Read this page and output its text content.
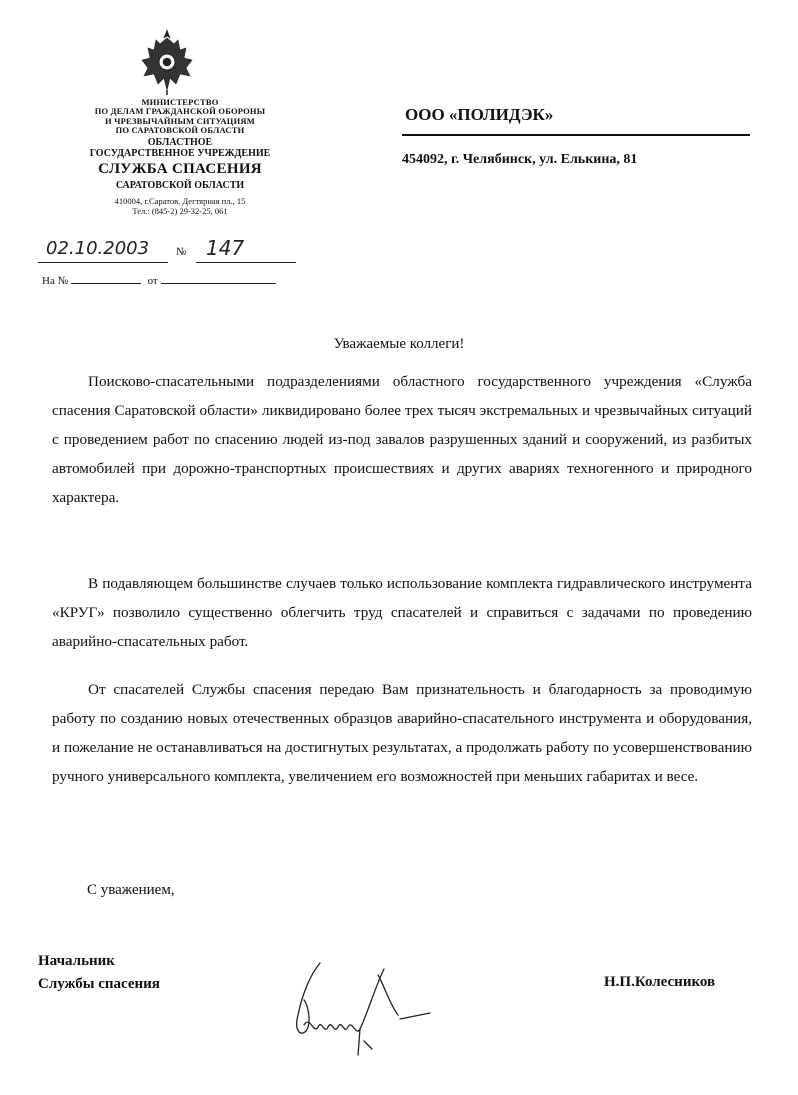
МИНИСТЕРСТВО
ПО ДЕЛАМ ГРАЖДАНСКОЙ ОБОРОНЫ
И ЧРЕЗВЫЧАЙНЫМ СИТУАЦИЯМ
ПО САРАТОВСКОЙ ОБЛАСТИ
ОБЛАСТНОЕ
ГОСУДАРСТВЕННОЕ УЧРЕЖДЕНИЕ
СЛУЖБА СПАСЕНИЯ
САРАТОВСКОЙ ОБЛАСТИ
410004, г.Саратов, Дегтярная пл., 15
Тел.: (845-2) 29-32-25, 061
02.10.2003 № 147
На №	от
ООО «ПОЛИДЭК»
454092, г. Челябинск, ул. Елькина, 81
Уважаемые коллеги!
Поисково-спасательными подразделениями областного государственного учреждения «Служба спасения Саратовской области» ликвидировано более трех тысяч экстремальных и чрезвычайных ситуаций с проведением работ по спасению людей из-под завалов разрушенных зданий и сооружений, из разбитых автомобилей при дорожно-транспортных происшествиях и других авариях техногенного и природного характера.
В подавляющем большинстве случаев только использование комплекта гидравлического инструмента «КРУГ» позволило существенно облегчить труд спасателей и справиться с задачами по проведению аварийно-спасательных работ.
От спасателей Службы спасения передаю Вам признательность и благодарность за проводимую работу по созданию новых отечественных образцов аварийно-спасательного инструмента и оборудования, и пожелание не останавливаться на достигнутых результатах, а продолжать работу по усовершенствованию ручного универсального комплекта, увеличением его возможностей при меньших габаритах и весе.
С уважением,
Начальник
Службы спасения	Н.П.Колесников
